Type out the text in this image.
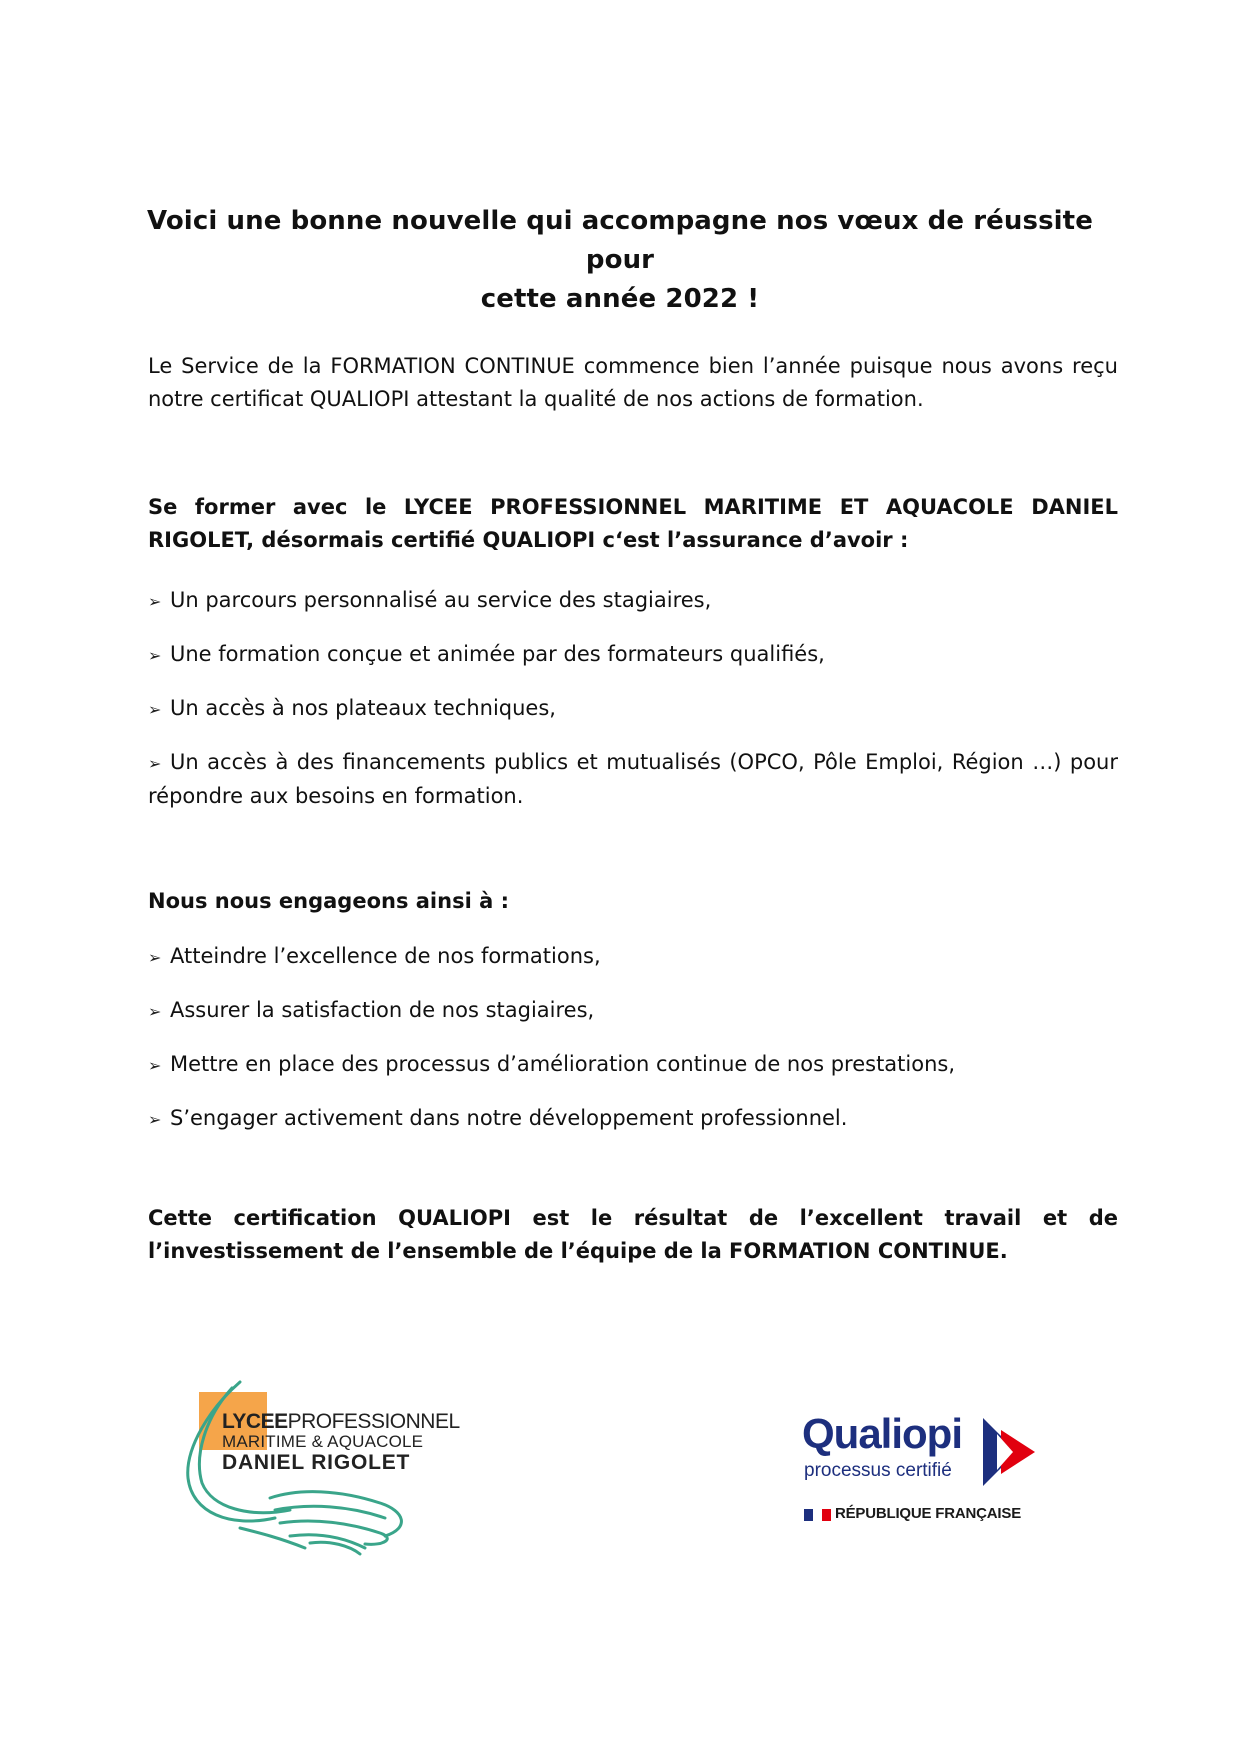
Voici une bonne nouvelle qui accompagne nos vœux de réussite pour
cette année 2022 !
Le Service de la FORMATION CONTINUE commence bien l’année puisque nous avons reçu notre certificat QUALIOPI attestant la qualité de nos actions de formation.
Se former avec le LYCEE PROFESSIONNEL MARITIME ET AQUACOLE DANIEL RIGOLET, désormais certifié QUALIOPI c‘est l’assurance d’avoir :
➢ Un parcours personnalisé au service des stagiaires,
➢ Une formation conçue et animée par des formateurs qualifiés,
➢ Un accès à nos plateaux techniques,
➢ Un accès à des financements publics et mutualisés (OPCO, Pôle Emploi, Région …) pour répondre aux besoins en formation.
Nous nous engageons ainsi à :
➢ Atteindre l’excellence de nos formations,
➢ Assurer la satisfaction de nos stagiaires,
➢ Mettre en place des processus d’amélioration continue de nos prestations,
➢ S’engager activement dans notre développement professionnel.
Cette certification QUALIOPI est le résultat de l’excellent travail et de l’investissement de l’ensemble de l’équipe de la FORMATION CONTINUE.
LYCEEPROFESSIONNEL
MARITIME & AQUACOLE
DANIEL RIGOLET
Qualiopi
processus certifié
RÉPUBLIQUE FRANÇAISE
